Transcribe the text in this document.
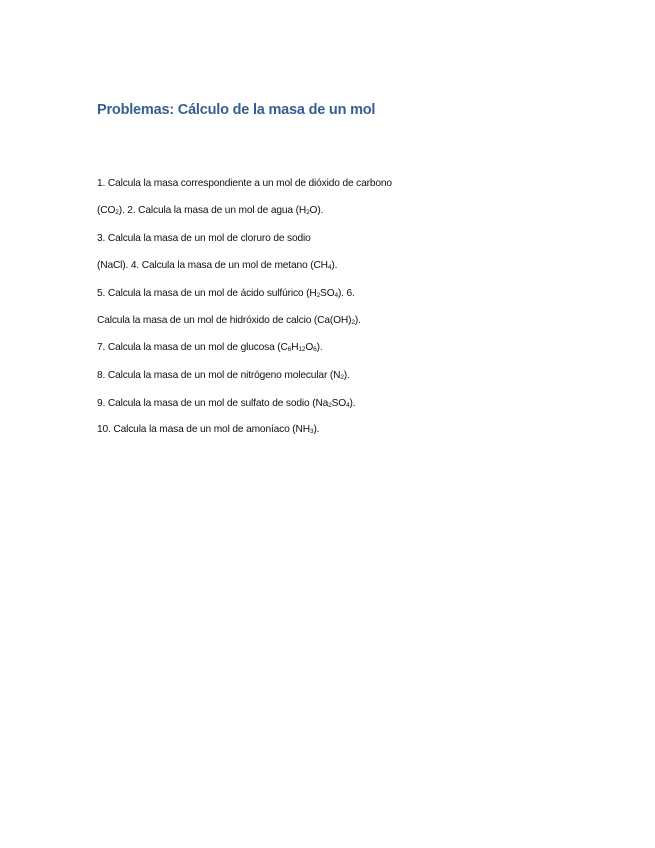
Problemas: Cálculo de la masa de un mol

1. Calcula la masa correspondiente a un mol de dióxido de carbono

$(CO_2)$. 2. Calcula la masa de un mol de agua $(H_2O)$.

3. Calcula la masa de un mol de cloruro de sodio

(NaCl). 4. Calcula la masa de un mol de metano $(CH_4)$.

5. Calcula la masa de un mol de ácido sulfúrico $(H_2SO_4)$. 6.

Calcula la masa de un mol de hidróxido de calcio $(Ca(OH)_2)$.

7. Calcula la masa de un mol de glucosa $(C_6H_{12}O_6)$.

8. Calcula la masa de un mol de nitrógeno molecular $(N_2)$.

9. Calcula la masa de un mol de sulfato de sodio $(Na_2SO_4)$.

10. Calcula la masa de un mol de amoníaco $(NH_3)$.
